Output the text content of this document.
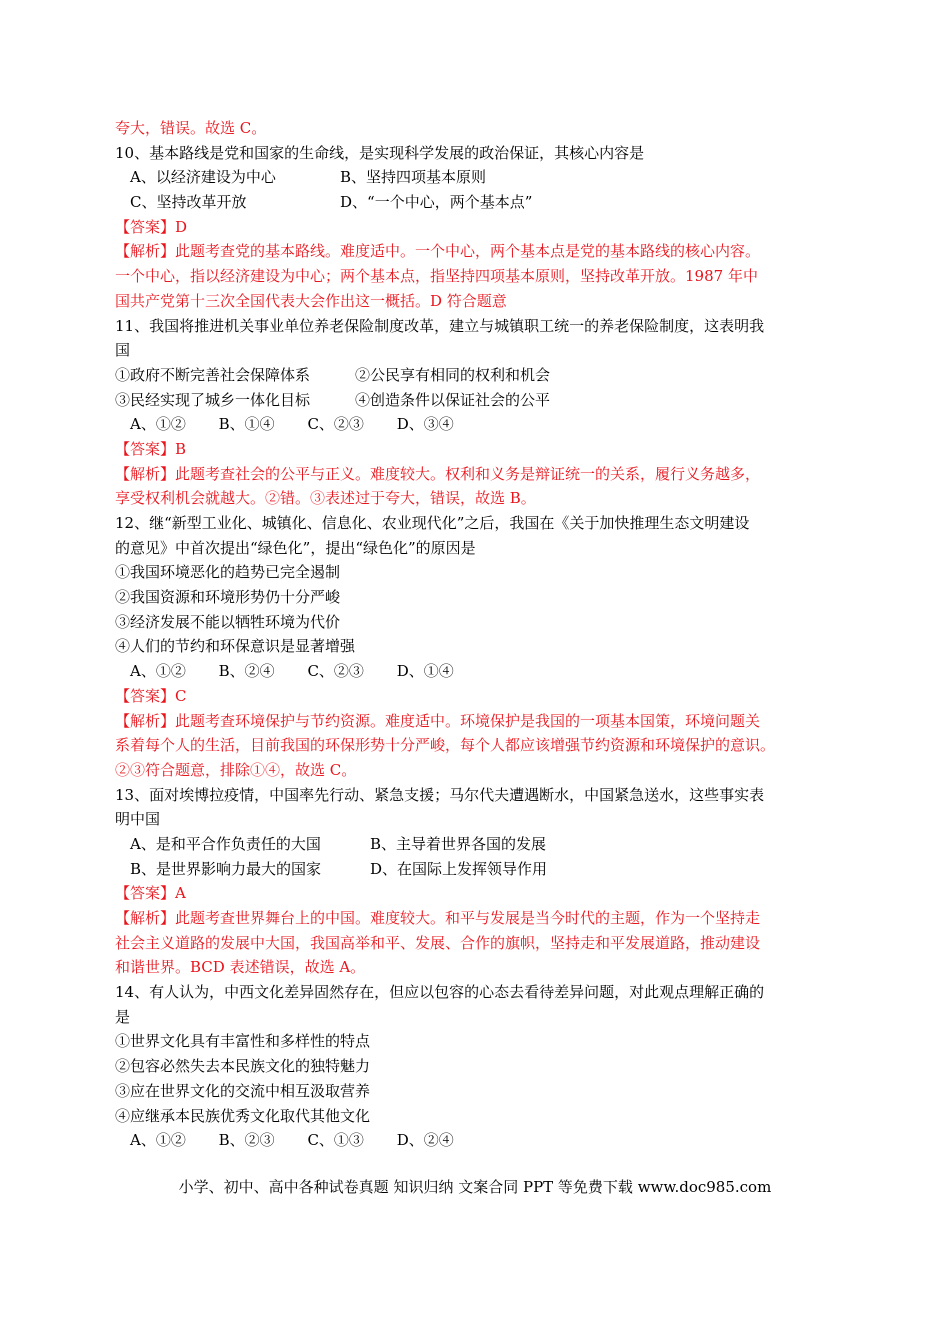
夸大，错误。故选 C。
10、基本路线是党和国家的生命线，是实现科学发展的政治保证，其核心内容是
A、以经济建设为中心	B、坚持四项基本原则
C、坚持改革开放	D、“一个中心，两个基本点”
【答案】D
【解析】此题考查党的基本路线。难度适中。一个中心，两个基本点是党的基本路线的核心内容。
一个中心，指以经济建设为中心；两个基本点，指坚持四项基本原则，坚持改革开放。1987 年中
国共产党第十三次全国代表大会作出这一概括。D 符合题意
11、我国将推进机关事业单位养老保险制度改革，建立与城镇职工统一的养老保险制度，这表明我
国
①政府不断完善社会保障体系	②公民享有相同的权利和机会
③民经实现了城乡一体化目标	④创造条件以保证社会的公平
A、①② B、①④ C、②③ D、③④
【答案】B
【解析】此题考查社会的公平与正义。难度较大。权利和义务是辩证统一的关系，履行义务越多，
享受权利机会就越大。②错。③表述过于夸大，错误，故选 B。
12、继“新型工业化、城镇化、信息化、农业现代化”之后，我国在《关于加快推理生态文明建设
的意见》中首次提出“绿色化”，提出“绿色化”的原因是
①我国环境恶化的趋势已完全遏制
②我国资源和环境形势仍十分严峻
③经济发展不能以牺牲环境为代价
④人们的节约和环保意识是显著增强
A、①② B、②④ C、②③ D、①④
【答案】C
【解析】此题考查环境保护与节约资源。难度适中。环境保护是我国的一项基本国策，环境问题关
系着每个人的生活，目前我国的环保形势十分严峻，每个人都应该增强节约资源和环境保护的意识。
②③符合题意，排除①④，故选 C。
13、面对埃博拉疫情，中国率先行动、紧急支援；马尔代夫遭遇断水，中国紧急送水，这些事实表
明中国
A、是和平合作负责任的大国	B、主导着世界各国的发展
B、是世界影响力最大的国家	D、在国际上发挥领导作用
【答案】A
【解析】此题考查世界舞台上的中国。难度较大。和平与发展是当今时代的主题，作为一个坚持走
社会主义道路的发展中大国，我国高举和平、发展、合作的旗帜，坚持走和平发展道路，推动建设
和谐世界。BCD 表述错误，故选 A。
14、有人认为，中西文化差异固然存在，但应以包容的心态去看待差异问题，对此观点理解正确的
是
①世界文化具有丰富性和多样性的特点
②包容必然失去本民族文化的独特魅力
③应在世界文化的交流中相互汲取营养
④应继承本民族优秀文化取代其他文化
A、①② B、②③ C、①③ D、②④
小学、初中、高中各种试卷真题 知识归纳 文案合同 PPT 等免费下载 www.doc985.com
